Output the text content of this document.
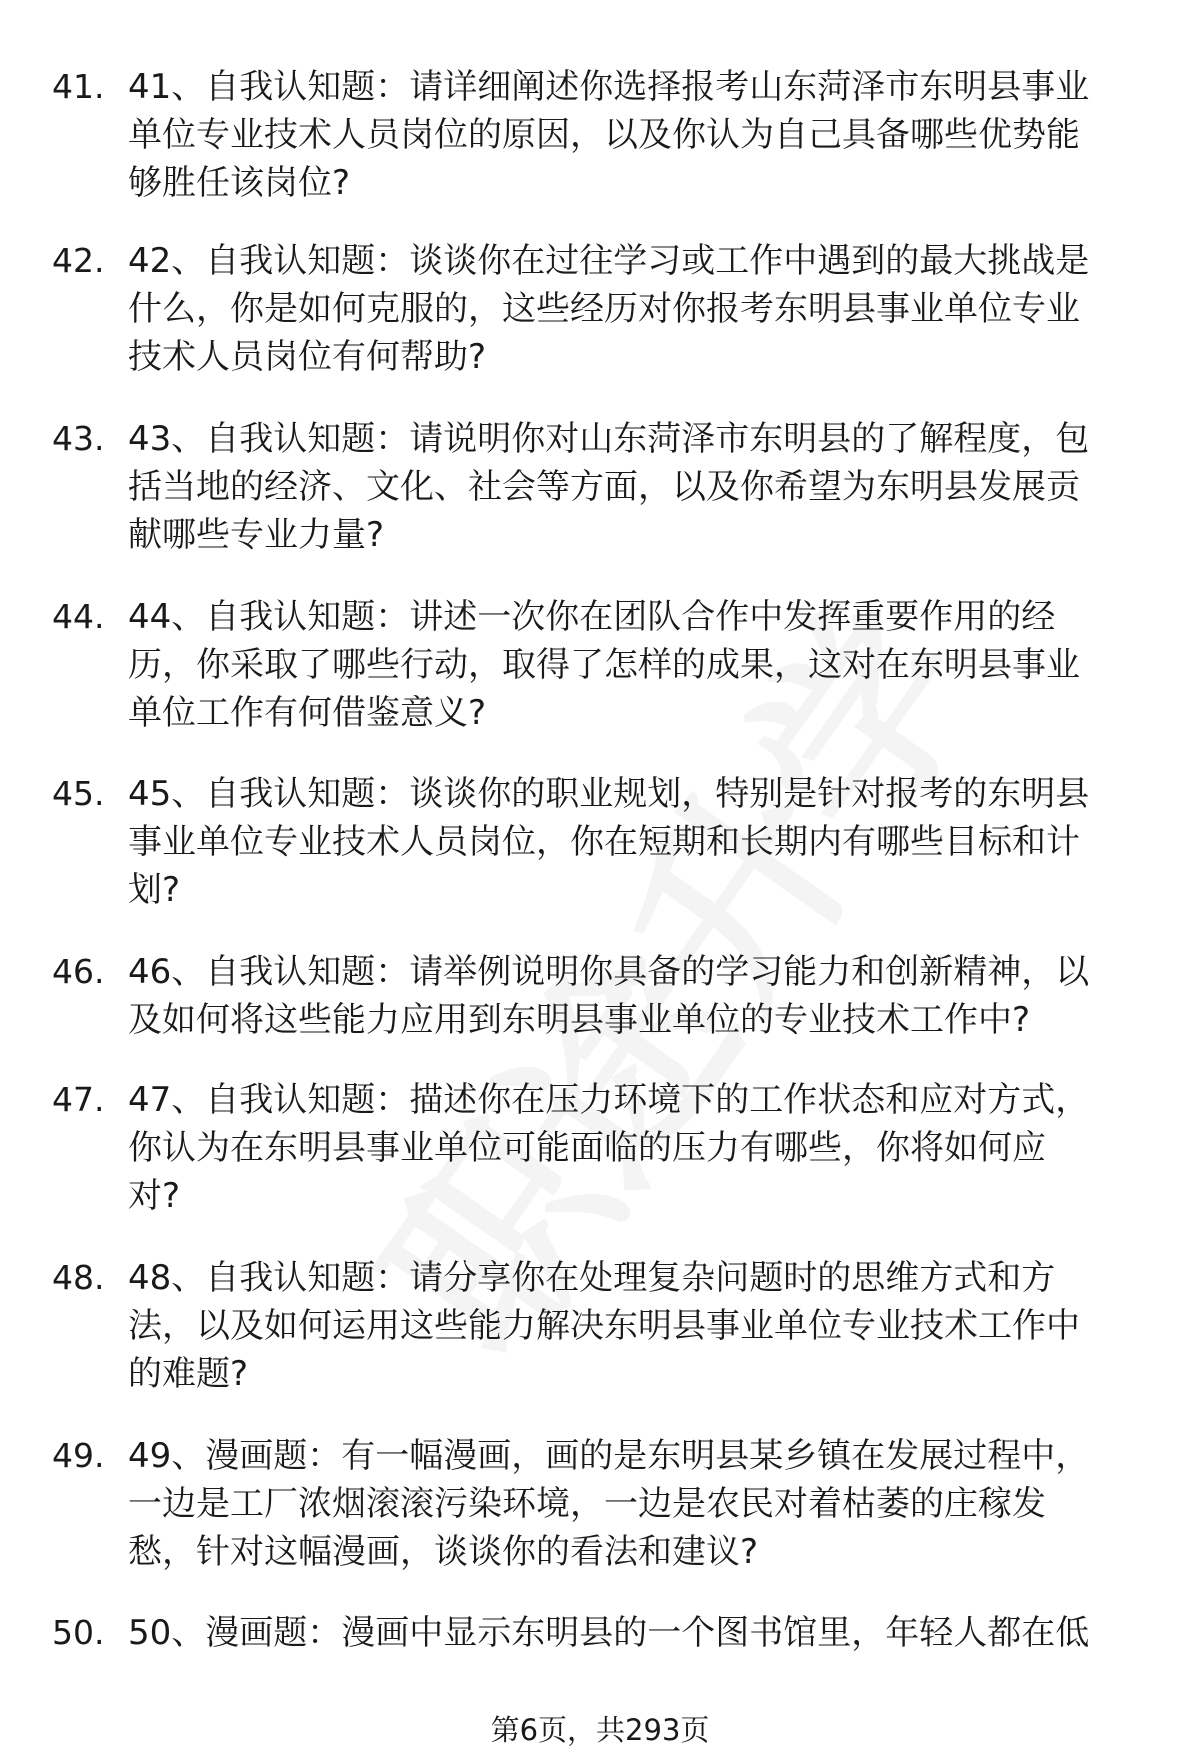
41. 41、自我认知题：请详细阐述你选择报考山东菏泽市东明县事业
单位专业技术人员岗位的原因，以及你认为自己具备哪些优势能
够胜任该岗位?
42. 42、自我认知题：谈谈你在过往学习或工作中遇到的最大挑战是
什么，你是如何克服的，这些经历对你报考东明县事业单位专业
技术人员岗位有何帮助?
43. 43、自我认知题：请说明你对山东菏泽市东明县的了解程度，包
括当地的经济、文化、社会等方面，以及你希望为东明县发展贡
献哪些专业力量?
44. 44、自我认知题：讲述一次你在团队合作中发挥重要作用的经
历，你采取了哪些行动，取得了怎样的成果，这对在东明县事业
单位工作有何借鉴意义?
45. 45、自我认知题：谈谈你的职业规划，特别是针对报考的东明县
事业单位专业技术人员岗位，你在短期和长期内有哪些目标和计
划?
46. 46、自我认知题：请举例说明你具备的学习能力和创新精神，以
及如何将这些能力应用到东明县事业单位的专业技术工作中?
47. 47、自我认知题：描述你在压力环境下的工作状态和应对方式，
你认为在东明县事业单位可能面临的压力有哪些，你将如何应
对?
48. 48、自我认知题：请分享你在处理复杂问题时的思维方式和方
法，以及如何运用这些能力解决东明县事业单位专业技术工作中
的难题?
49. 49、漫画题：有一幅漫画，画的是东明县某乡镇在发展过程中，
一边是工厂浓烟滚滚污染环境，一边是农民对着枯萎的庄稼发
愁，针对这幅漫画，谈谈你的看法和建议?
50. 50、漫画题：漫画中显示东明县的一个图书馆里，年轻人都在低
第6页，共293页
